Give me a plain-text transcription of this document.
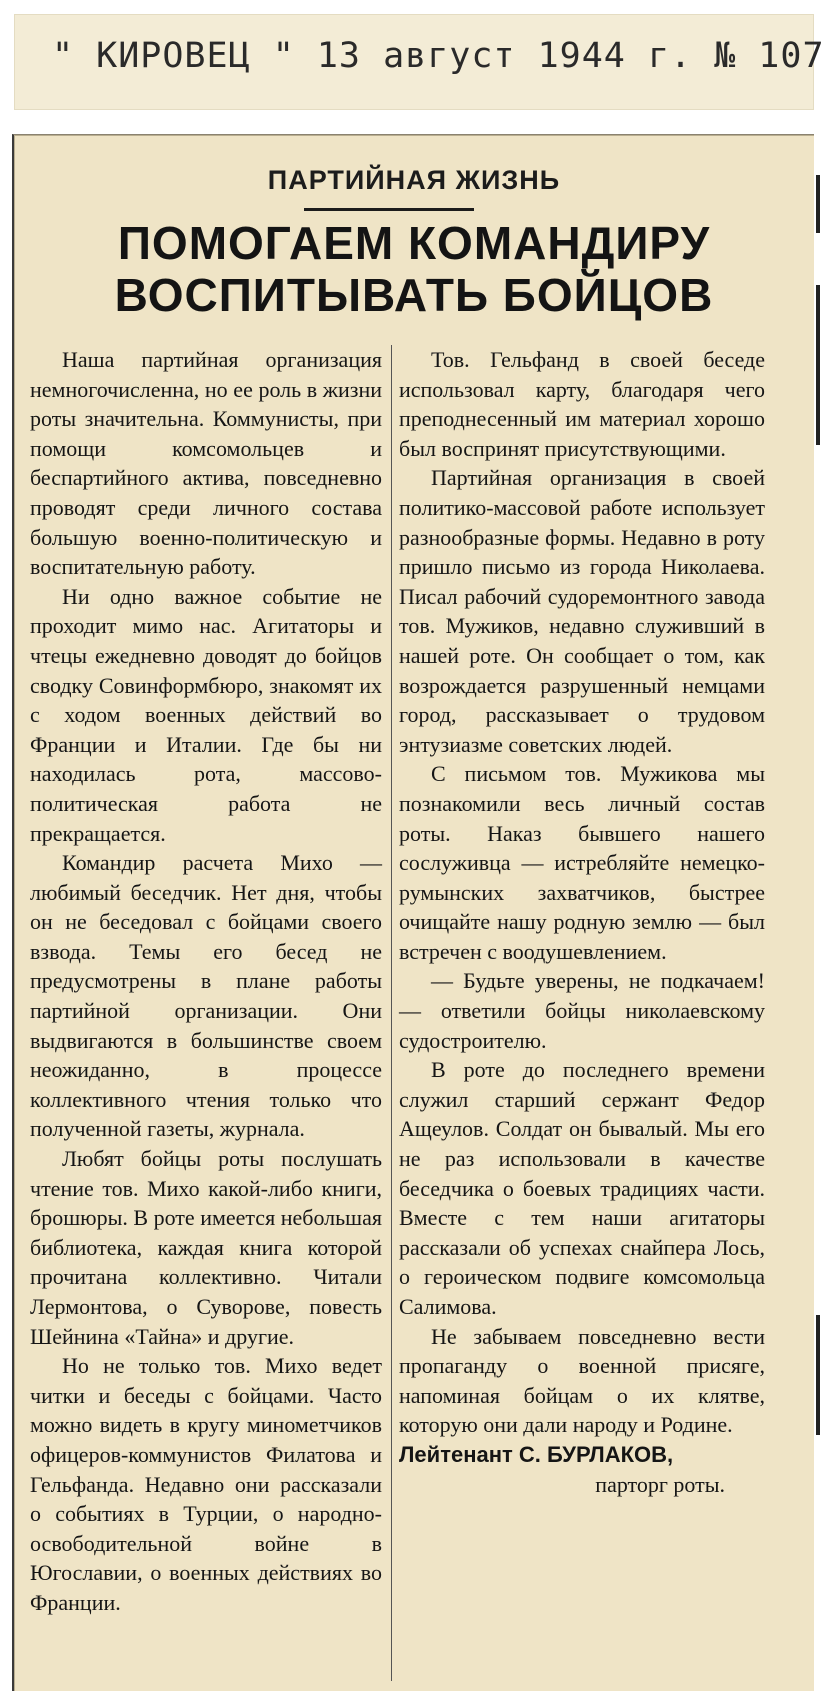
" КИРОВЕЦ " 13 август 1944 г. № 107
ПАРТИЙНАЯ ЖИЗНЬ
ПОМОГАЕМ КОМАНДИРУ
ВОСПИТЫВАТЬ БОЙЦОВ

Наша партийная организация немногочисленна, но ее роль в жизни роты значительна. Коммунисты, при помощи комсомольцев и беспартийного актива, повседневно проводят среди личного состава большую военно-политическую и воспитательную работу.

Ни одно важное событие не проходит мимо нас. Агитаторы и чтецы ежедневно доводят до бойцов сводку Совинформбюро, знакомят их с ходом военных действий во Франции и Италии. Где бы ни находилась рота, массово-политическая работа не прекращается.

Командир расчета Михо — любимый беседчик. Нет дня, чтобы он не беседовал с бойцами своего взвода. Темы его бесед не предусмотрены в плане работы партийной организации. Они выдвигаются в большинстве своем неожиданно, в процессе коллективного чтения только что полученной газеты, журнала.

Любят бойцы роты послушать чтение тов. Михо какой-либо книги, брошюры. В роте имеется небольшая библиотека, каждая книга которой прочитана коллективно. Читали Лермонтова, о Суворове, повесть Шейнина «Тайна» и другие.

Но не только тов. Михо ведет читки и беседы с бойцами. Часто можно видеть в кругу минометчиков офицеров-коммунистов Филатова и Гельфанда. Недавно они рассказали о событиях в Турции, о народно-освободительной войне в Югославии, о военных действиях во Франции.

Тов. Гельфанд в своей беседе использовал карту, благодаря чего преподнесенный им материал хорошо был воспринят присутствующими.

Партийная организация в своей политико-массовой работе использует разнообразные формы. Недавно в роту пришло письмо из города Николаева. Писал рабочий судоремонтного завода тов. Мужиков, недавно служивший в нашей роте. Он сообщает о том, как возрождается разрушенный немцами город, рассказывает о трудовом энтузиазме советских людей.

С письмом тов. Мужикова мы познакомили весь личный состав роты. Наказ бывшего нашего сослуживца — истребляйте немецко-румынских захватчиков, быстрее очищайте нашу родную землю — был встречен с воодушевлением.

— Будьте уверены, не подкачаем! — ответили бойцы николаевскому судостроителю.

В роте до последнего времени служил старший сержант Федор Ащеулов. Солдат он бывалый. Мы его не раз использовали в качестве беседчика о боевых традициях части. Вместе с тем наши агитаторы рассказали об успехах снайпера Лось, о героическом подвиге комсомольца Салимова.

Не забываем повседневно вести пропаганду о военной присяге, напоминая бойцам о их клятве, которую они дали народу и Родине.

Лейтенант С. БУРЛАКОВ,

парторг роты.
